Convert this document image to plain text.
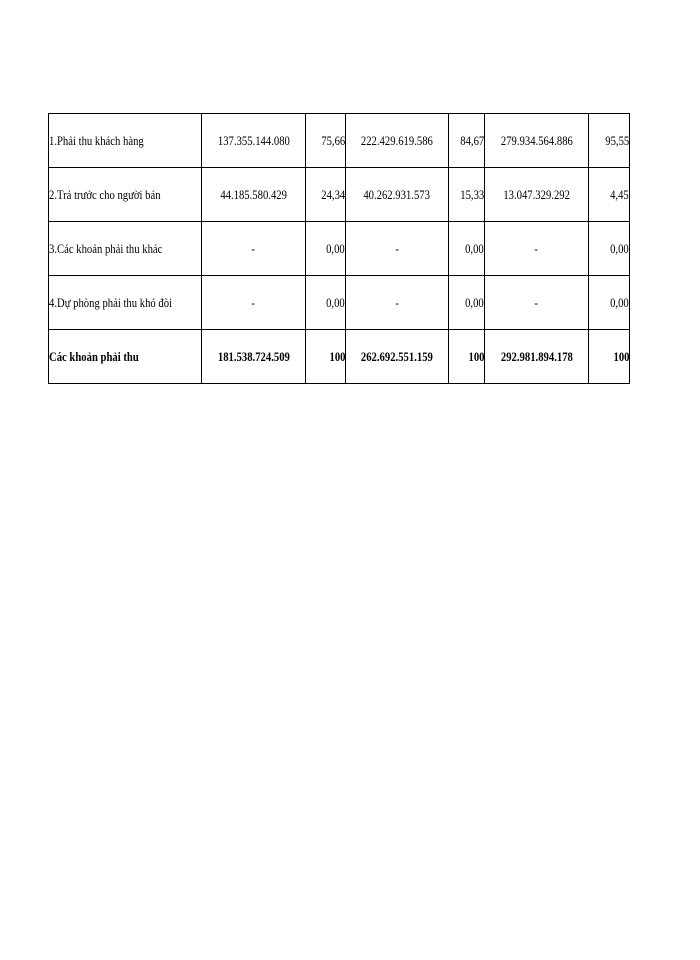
1.Phải thu khách hàng	137.355.144.080	75,66	222.429.619.586	84,67	279.934.564.886	95,55
2.Trả trước cho người bán	44.185.580.429	24,34	40.262.931.573	15,33	13.047.329.292	4,45
3.Các khoản phải thu khác	-	0,00	-	0,00	-	0,00
4.Dự phòng phải thu khó đòi	-	0,00	-	0,00	-	0,00
Các khoản phải thu	181.538.724.509	100	262.692.551.159	100	292.981.894.178	100
